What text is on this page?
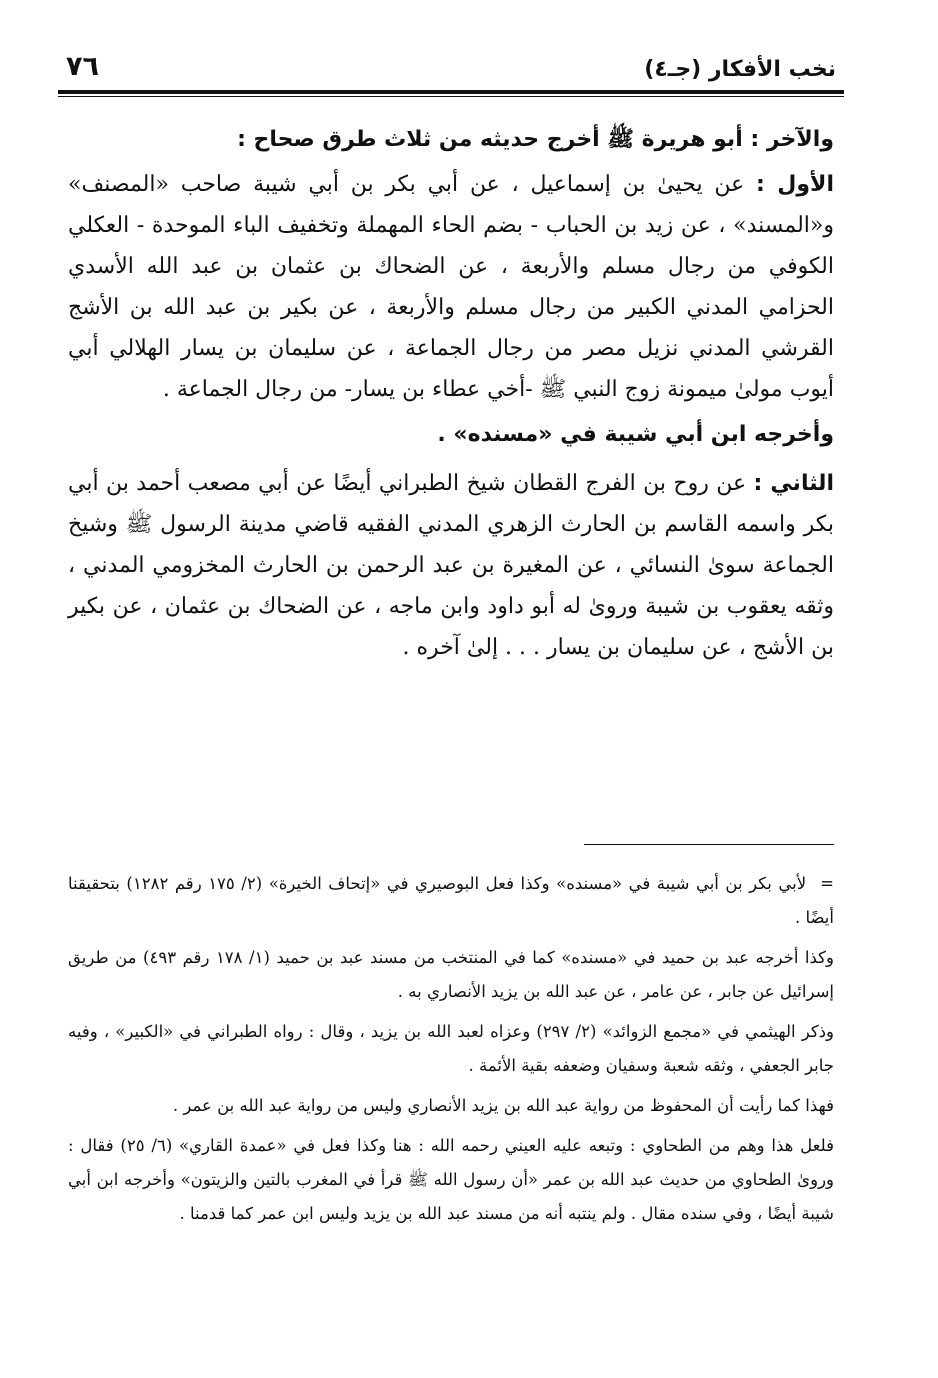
نخب الأفكار (جـ٤)
٧٦

والآخر : أبو هريرة ﷺ أخرج حديثه من ثلاث طرق صحاح :

الأول : عن يحيىٰ بن إسماعيل ، عن أبي بكر بن أبي شيبة صاحب «المصنف» و«المسند» ، عن زيد بن الحباب - بضم الحاء المهملة وتخفيف الباء الموحدة - العكلي الكوفي من رجال مسلم والأربعة ، عن الضحاك بن عثمان بن عبد الله الأسدي الحزامي المدني الكبير من رجال مسلم والأربعة ، عن بكير بن عبد الله بن الأشج القرشي المدني نزيل مصر من رجال الجماعة ، عن سليمان بن يسار الهلالي أبي أيوب مولىٰ ميمونة زوج النبي ﷺ -أخي عطاء بن يسار- من رجال الجماعة .

وأخرجه ابن أبي شيبة في «مسنده» .

الثاني : عن روح بن الفرج القطان شيخ الطبراني أيضًا عن أبي مصعب أحمد بن أبي بكر واسمه القاسم بن الحارث الزهري المدني الفقيه قاضي مدينة الرسول ﷺ وشيخ الجماعة سوىٰ النسائي ، عن المغيرة بن عبد الرحمن بن الحارث المخزومي المدني ، وثقه يعقوب بن شيبة وروىٰ له أبو داود وابن ماجه ، عن الضحاك بن عثمان ، عن بكير بن الأشج ، عن سليمان بن يسار . . . إلىٰ آخره .

=لأبي بكر بن أبي شيبة في «مسنده» وكذا فعل البوصيري في «إتحاف الخيرة» (٢/ ١٧٥ رقم ١٢٨٢) بتحقيقنا أيضًا .

وكذا أخرجه عبد بن حميد في «مسنده» كما في المنتخب من مسند عبد بن حميد (١/ ١٧٨ رقم ٤٩٣) من طريق إسرائيل عن جابر ، عن عامر ، عن عبد الله بن يزيد الأنصاري به .

وذكر الهيثمي في «مجمع الزوائد» (٢/ ٢٩٧) وعزاه لعبد الله بن يزيد ، وقال : رواه الطبراني في «الكبير» ، وفيه جابر الجعفي ، وثقه شعبة وسفيان وضعفه بقية الأئمة .

فهذا كما رأيت أن المحفوظ من رواية عبد الله بن يزيد الأنصاري وليس من رواية عبد الله بن عمر .

فلعل هذا وهم من الطحاوي : وتبعه عليه العيني رحمه الله : هنا وكذا فعل في «عمدة القاري» (٦/ ٢٥) فقال : وروىٰ الطحاوي من حديث عبد الله بن عمر «أن رسول الله ﷺ قرأ في المغرب بالتين والزيتون» وأخرجه ابن أبي شيبة أيضًا ، وفي سنده مقال . ولم ينتبه أنه من مسند عبد الله بن يزيد وليس ابن عمر كما قدمنا .
